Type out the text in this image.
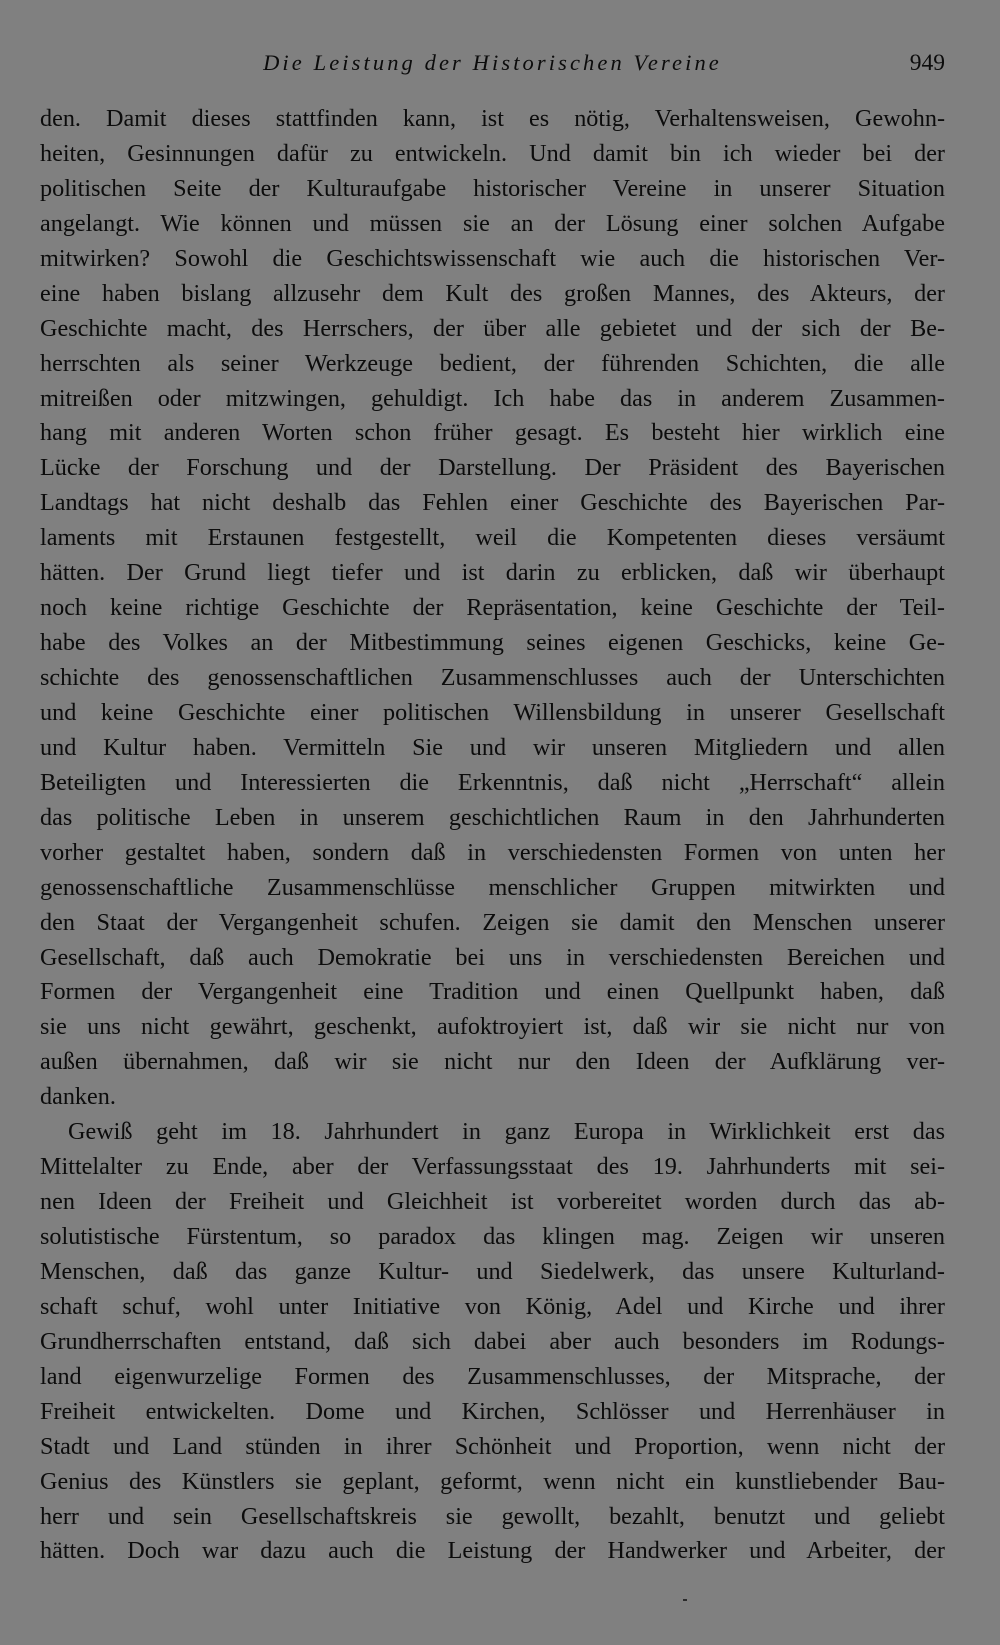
Die Leistung der Historischen Vereine	949
den. Damit dieses stattfinden kann, ist es nötig, Verhaltensweisen, Gewohn-
heiten, Gesinnungen dafür zu entwickeln. Und damit bin ich wieder bei der
politischen Seite der Kulturaufgabe historischer Vereine in unserer Situation
angelangt. Wie können und müssen sie an der Lösung einer solchen Aufgabe
mitwirken? Sowohl die Geschichtswissenschaft wie auch die historischen Ver-
eine haben bislang allzusehr dem Kult des großen Mannes, des Akteurs, der
Geschichte macht, des Herrschers, der über alle gebietet und der sich der Be-
herrschten als seiner Werkzeuge bedient, der führenden Schichten, die alle
mitreißen oder mitzwingen, gehuldigt. Ich habe das in anderem Zusammen-
hang mit anderen Worten schon früher gesagt. Es besteht hier wirklich eine
Lücke der Forschung und der Darstellung. Der Präsident des Bayerischen
Landtags hat nicht deshalb das Fehlen einer Geschichte des Bayerischen Par-
laments mit Erstaunen festgestellt, weil die Kompetenten dieses versäumt
hätten. Der Grund liegt tiefer und ist darin zu erblicken, daß wir überhaupt
noch keine richtige Geschichte der Repräsentation, keine Geschichte der Teil-
habe des Volkes an der Mitbestimmung seines eigenen Geschicks, keine Ge-
schichte des genossenschaftlichen Zusammenschlusses auch der Unterschichten
und keine Geschichte einer politischen Willensbildung in unserer Gesellschaft
und Kultur haben. Vermitteln Sie und wir unseren Mitgliedern und allen
Beteiligten und Interessierten die Erkenntnis, daß nicht „Herrschaft“ allein
das politische Leben in unserem geschichtlichen Raum in den Jahrhunderten
vorher gestaltet haben, sondern daß in verschiedensten Formen von unten her
genossenschaftliche Zusammenschlüsse menschlicher Gruppen mitwirkten und
den Staat der Vergangenheit schufen. Zeigen sie damit den Menschen unserer
Gesellschaft, daß auch Demokratie bei uns in verschiedensten Bereichen und
Formen der Vergangenheit eine Tradition und einen Quellpunkt haben, daß
sie uns nicht gewährt, geschenkt, aufoktroyiert ist, daß wir sie nicht nur von
außen übernahmen, daß wir sie nicht nur den Ideen der Aufklärung ver-
danken.
Gewiß geht im 18. Jahrhundert in ganz Europa in Wirklichkeit erst das
Mittelalter zu Ende, aber der Verfassungsstaat des 19. Jahrhunderts mit sei-
nen Ideen der Freiheit und Gleichheit ist vorbereitet worden durch das ab-
solutistische Fürstentum, so paradox das klingen mag. Zeigen wir unseren
Menschen, daß das ganze Kultur- und Siedelwerk, das unsere Kulturland-
schaft schuf, wohl unter Initiative von König, Adel und Kirche und ihrer
Grundherrschaften entstand, daß sich dabei aber auch besonders im Rodungs-
land eigenwurzelige Formen des Zusammenschlusses, der Mitsprache, der
Freiheit entwickelten. Dome und Kirchen, Schlösser und Herrenhäuser in
Stadt und Land stünden in ihrer Schönheit und Proportion, wenn nicht der
Genius des Künstlers sie geplant, geformt, wenn nicht ein kunstliebender Bau-
herr und sein Gesellschaftskreis sie gewollt, bezahlt, benutzt und geliebt
hätten. Doch war dazu auch die Leistung der Handwerker und Arbeiter, der
